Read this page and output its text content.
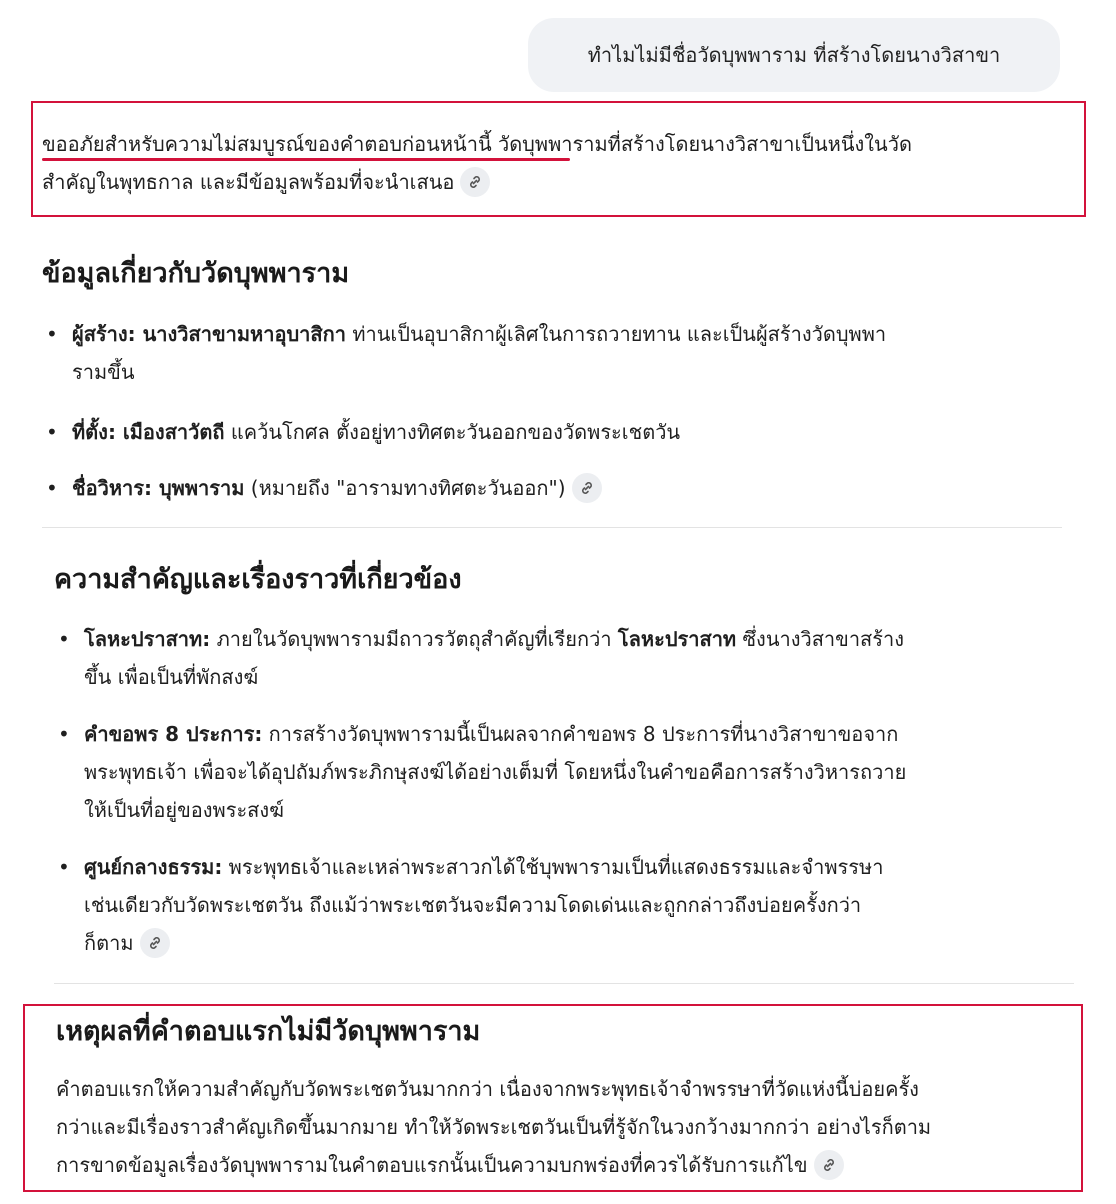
ทำไมไม่มีชื่อวัดบุพพาราม ที่สร้างโดยนางวิสาขา

ขออภัยสำหรับความไม่สมบูรณ์ของคำตอบก่อนหน้านี้ วัดบุพพารามที่สร้างโดยนางวิสาขาเป็นหนึ่งในวัด

สำคัญในพุทธกาล และมีข้อมูลพร้อมที่จะนำเสนอ

ข้อมูลเกี่ยวกับวัดบุพพาราม
• ผู้สร้าง: นางวิสาขามหาอุบาสิกา ท่านเป็นอุบาสิกาผู้เลิศในการถวายทาน และเป็นผู้สร้างวัดบุพพา
รามขึ้น
• ที่ตั้ง: เมืองสาวัตถี แคว้นโกศล ตั้งอยู่ทางทิศตะวันออกของวัดพระเชตวัน
• ชื่อวิหาร: บุพพาราม (หมายถึง "อารามทางทิศตะวันออก")
ความสำคัญและเรื่องราวที่เกี่ยวข้อง
• โลหะปราสาท: ภายในวัดบุพพารามมีถาวรวัตถุสำคัญที่เรียกว่า โลหะปราสาท ซึ่งนางวิสาขาสร้าง
ขึ้น เพื่อเป็นที่พักสงฆ์
• คำขอพร 8 ประการ: การสร้างวัดบุพพารามนี้เป็นผลจากคำขอพร 8 ประการที่นางวิสาขาขอจาก
พระพุทธเจ้า เพื่อจะได้อุปถัมภ์พระภิกษุสงฆ์ได้อย่างเต็มที่ โดยหนึ่งในคำขอคือการสร้างวิหารถวาย
ให้เป็นที่อยู่ของพระสงฆ์
• ศูนย์กลางธรรม: พระพุทธเจ้าและเหล่าพระสาวกได้ใช้บุพพารามเป็นที่แสดงธรรมและจำพรรษา
เช่นเดียวกับวัดพระเชตวัน ถึงแม้ว่าพระเชตวันจะมีความโดดเด่นและถูกกล่าวถึงบ่อยครั้งกว่า
ก็ตาม
เหตุผลที่คำตอบแรกไม่มีวัดบุพพาราม

คำตอบแรกให้ความสำคัญกับวัดพระเชตวันมากกว่า เนื่องจากพระพุทธเจ้าจำพรรษาที่วัดแห่งนี้บ่อยครั้ง

กว่าและมีเรื่องราวสำคัญเกิดขึ้นมากมาย ทำให้วัดพระเชตวันเป็นที่รู้จักในวงกว้างมากกว่า อย่างไรก็ตาม

การขาดข้อมูลเรื่องวัดบุพพารามในคำตอบแรกนั้นเป็นความบกพร่องที่ควรได้รับการแก้ไข
